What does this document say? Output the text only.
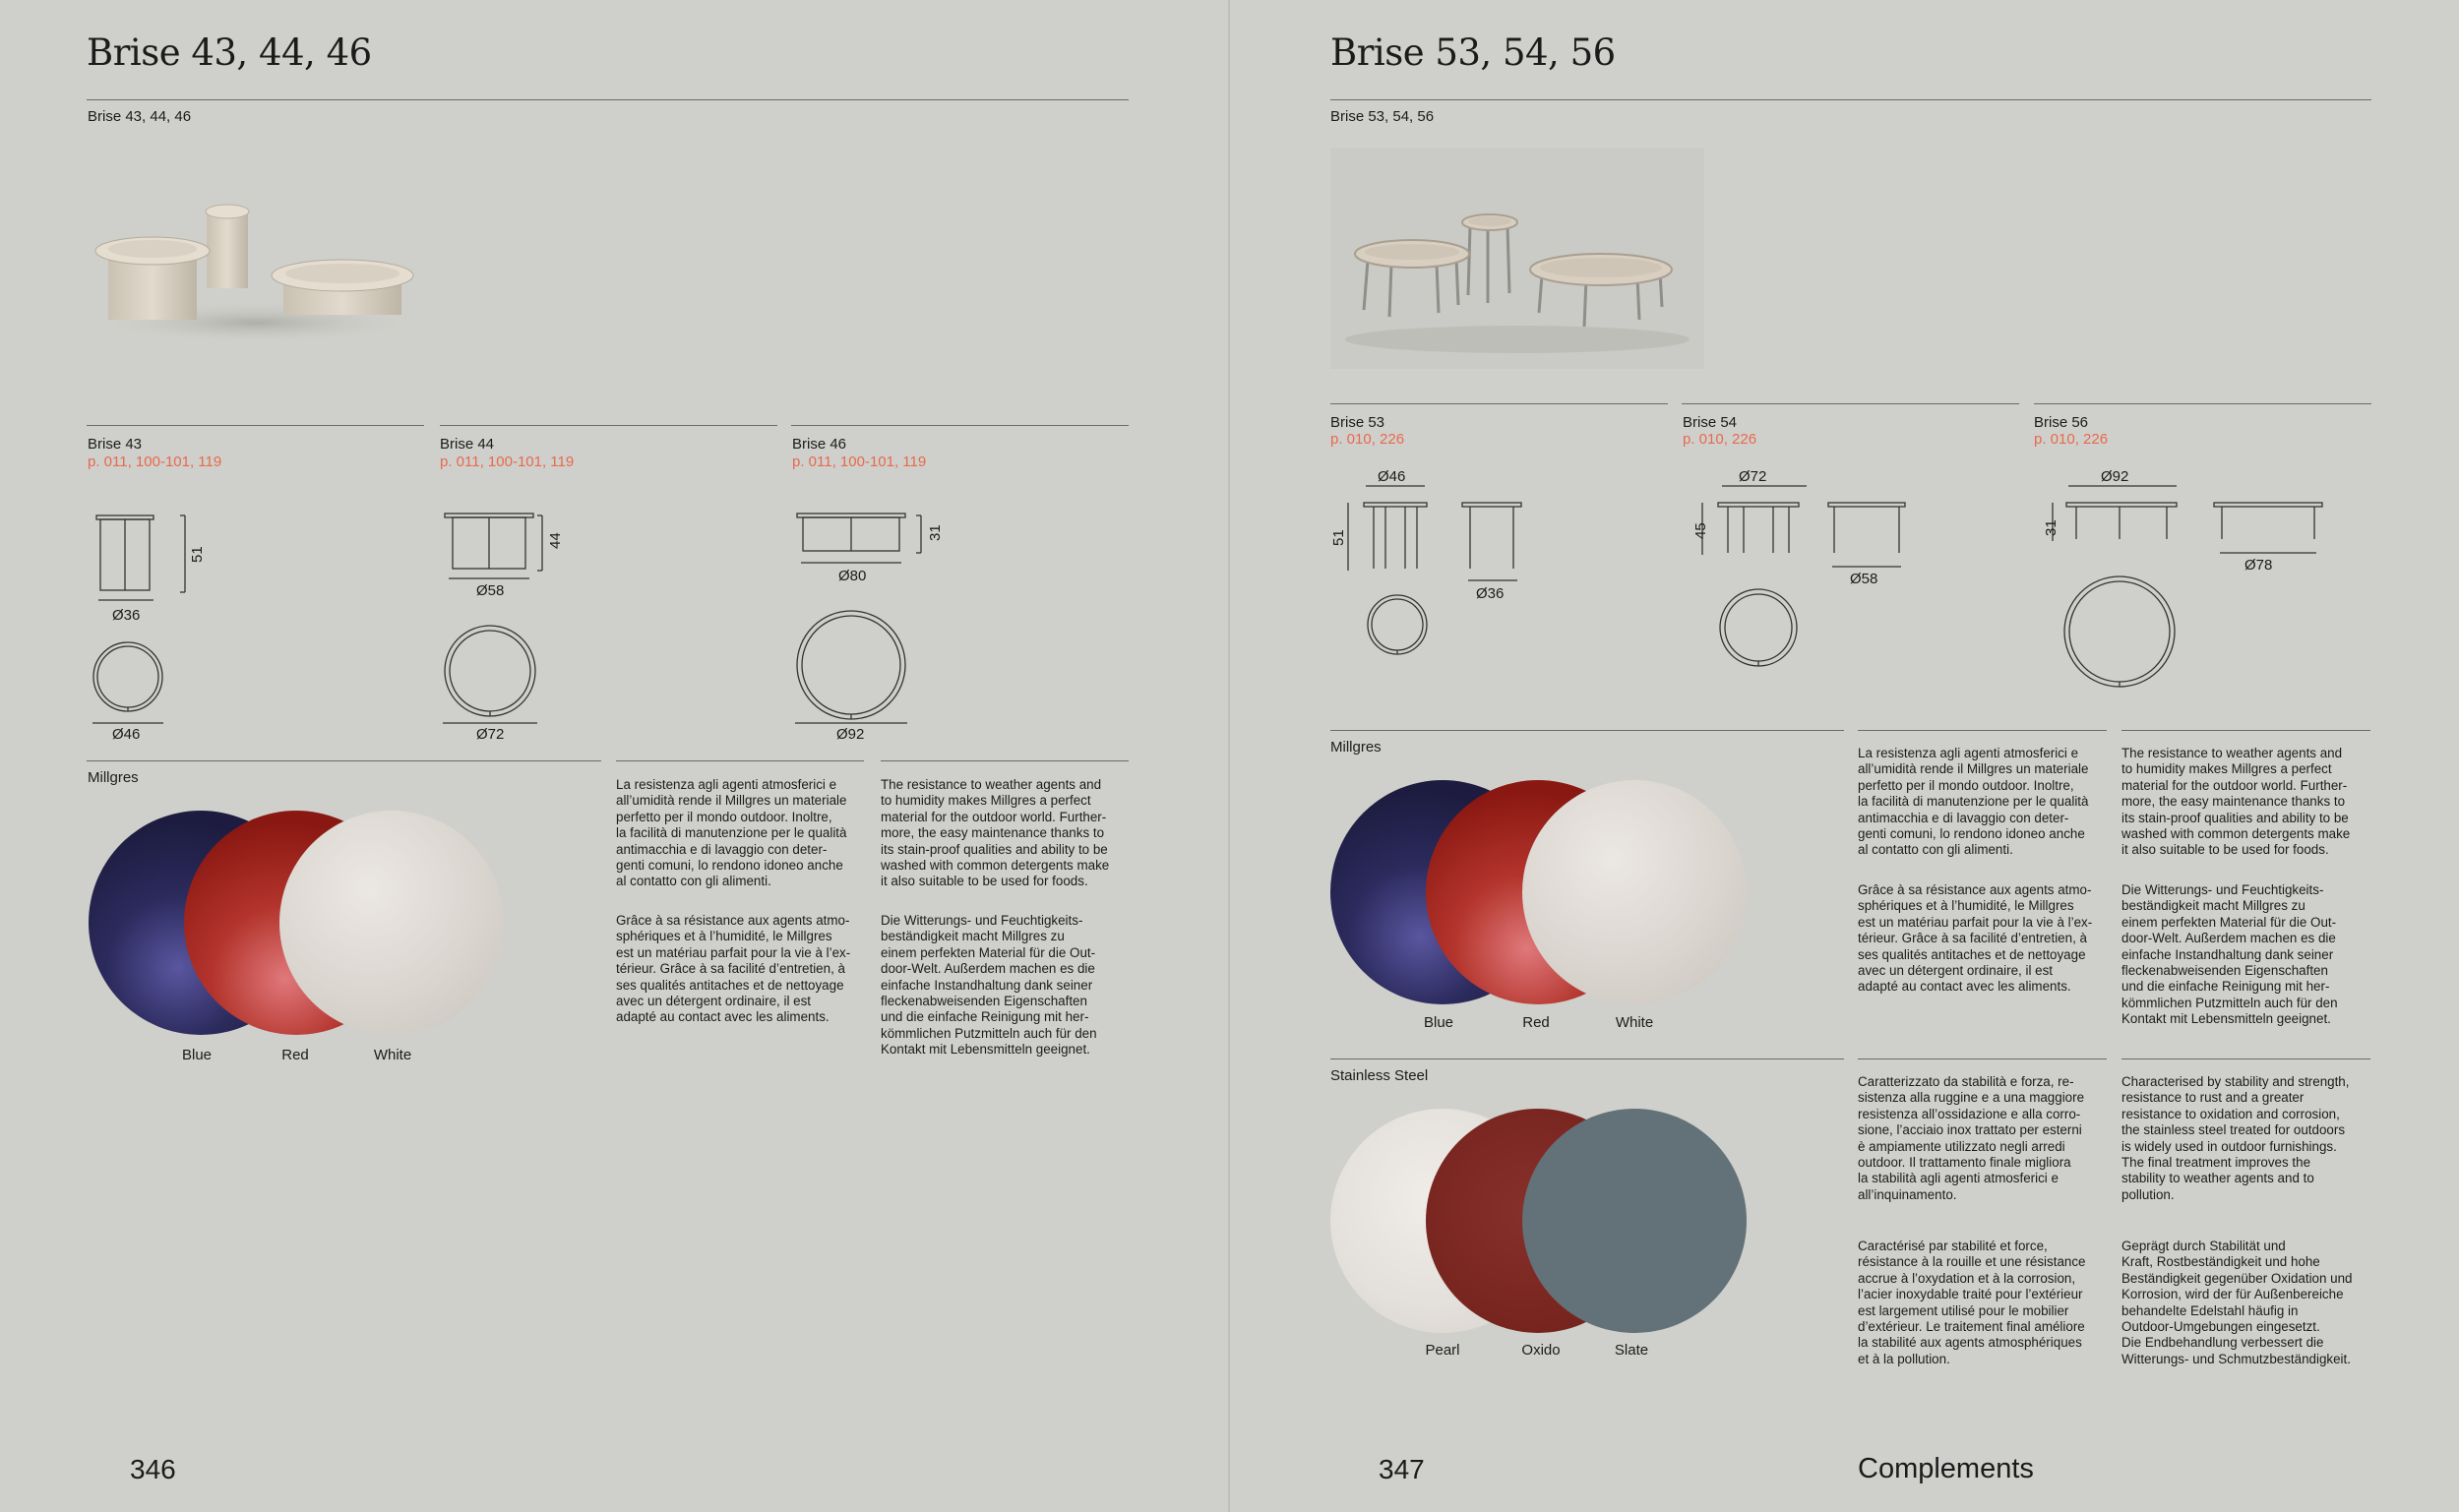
Brise 43, 44, 46
Brise 43, 44, 46
Brise 43
p. 011, 100-101, 119
Brise 44
p. 011, 100-101, 119
Brise 46
p. 011, 100-101, 119
51
Ø36
Ø46
44
Ø58
Ø72
31
Ø80
Ø92
Millgres
Blue	Red	White
La resistenza agli agenti atmosferici e
all’umidità rende il Millgres un materiale
perfetto per il mondo outdoor. Inoltre,
la facilità di manutenzione per le qualità
antimacchia e di lavaggio con deter-
genti comuni, lo rendono idoneo anche
al contatto con gli alimenti.
Grâce à sa résistance aux agents atmo-
sphériques et à l’humidité, le Millgres
est un matériau parfait pour la vie à l’ex-
térieur. Grâce à sa facilité d’entretien, à
ses qualités antitaches et de nettoyage
avec un détergent ordinaire, il est
adapté au contact avec les aliments.
The resistance to weather agents and
to humidity makes Millgres a perfect
material for the outdoor world. Further-
more, the easy maintenance thanks to
its stain-proof qualities and ability to be
washed with common detergents make
it also suitable to be used for foods.
Die Witterungs- und Feuchtigkeits-
beständigkeit macht Millgres zu
einem perfekten Material für die Out-
door-Welt. Außerdem machen es die
einfache Instandhaltung dank seiner
fleckenabweisenden Eigenschaften
und die einfache Reinigung mit her-
kömmlichen Putzmitteln auch für den
Kontakt mit Lebensmitteln geeignet.
346
Brise 53, 54, 56
Brise 53, 54, 56
Brise 53
p. 010, 226
Brise 54
p. 010, 226
Brise 56
p. 010, 226
Ø46
51
Ø36
Ø72
45
Ø58
Ø92
31
Ø78
Millgres
Blue	Red	White
La resistenza agli agenti atmosferici e
all’umidità rende il Millgres un materiale
perfetto per il mondo outdoor. Inoltre,
la facilità di manutenzione per le qualità
antimacchia e di lavaggio con deter-
genti comuni, lo rendono idoneo anche
al contatto con gli alimenti.
Grâce à sa résistance aux agents atmo-
sphériques et à l’humidité, le Millgres
est un matériau parfait pour la vie à l’ex-
térieur. Grâce à sa facilité d’entretien, à
ses qualités antitaches et de nettoyage
avec un détergent ordinaire, il est
adapté au contact avec les aliments.
The resistance to weather agents and
to humidity makes Millgres a perfect
material for the outdoor world. Further-
more, the easy maintenance thanks to
its stain-proof qualities and ability to be
washed with common detergents make
it also suitable to be used for foods.
Die Witterungs- und Feuchtigkeits-
beständigkeit macht Millgres zu
einem perfekten Material für die Out-
door-Welt. Außerdem machen es die
einfache Instandhaltung dank seiner
fleckenabweisenden Eigenschaften
und die einfache Reinigung mit her-
kömmlichen Putzmitteln auch für den
Kontakt mit Lebensmitteln geeignet.
Stainless Steel
Pearl	Oxido	Slate
Caratterizzato da stabilità e forza, re-
sistenza alla ruggine e a una maggiore
resistenza all’ossidazione e alla corro-
sione, l’acciaio inox trattato per esterni
è ampiamente utilizzato negli arredi
outdoor. Il trattamento finale migliora
la stabilità agli agenti atmosferici e
all’inquinamento.
Caractérisé par stabilité et force,
résistance à la rouille et une résistance
accrue à l’oxydation et à la corrosion,
l’acier inoxydable traité pour l’extérieur
est largement utilisé pour le mobilier
d’extérieur. Le traitement final améliore
la stabilité aux agents atmosphériques
et à la pollution.
Characterised by stability and strength,
resistance to rust and a greater
resistance to oxidation and corrosion,
the stainless steel treated for outdoors
is widely used in outdoor furnishings.
The final treatment improves the
stability to weather agents and to
pollution.
Geprägt durch Stabilität und
Kraft, Rostbeständigkeit und hohe
Beständigkeit gegenüber Oxidation und
Korrosion, wird der für Außenbereiche
behandelte Edelstahl häufig in
Outdoor-Umgebungen eingesetzt.
Die Endbehandlung verbessert die
Witterungs- und Schmutzbeständigkeit.
347	Complements
